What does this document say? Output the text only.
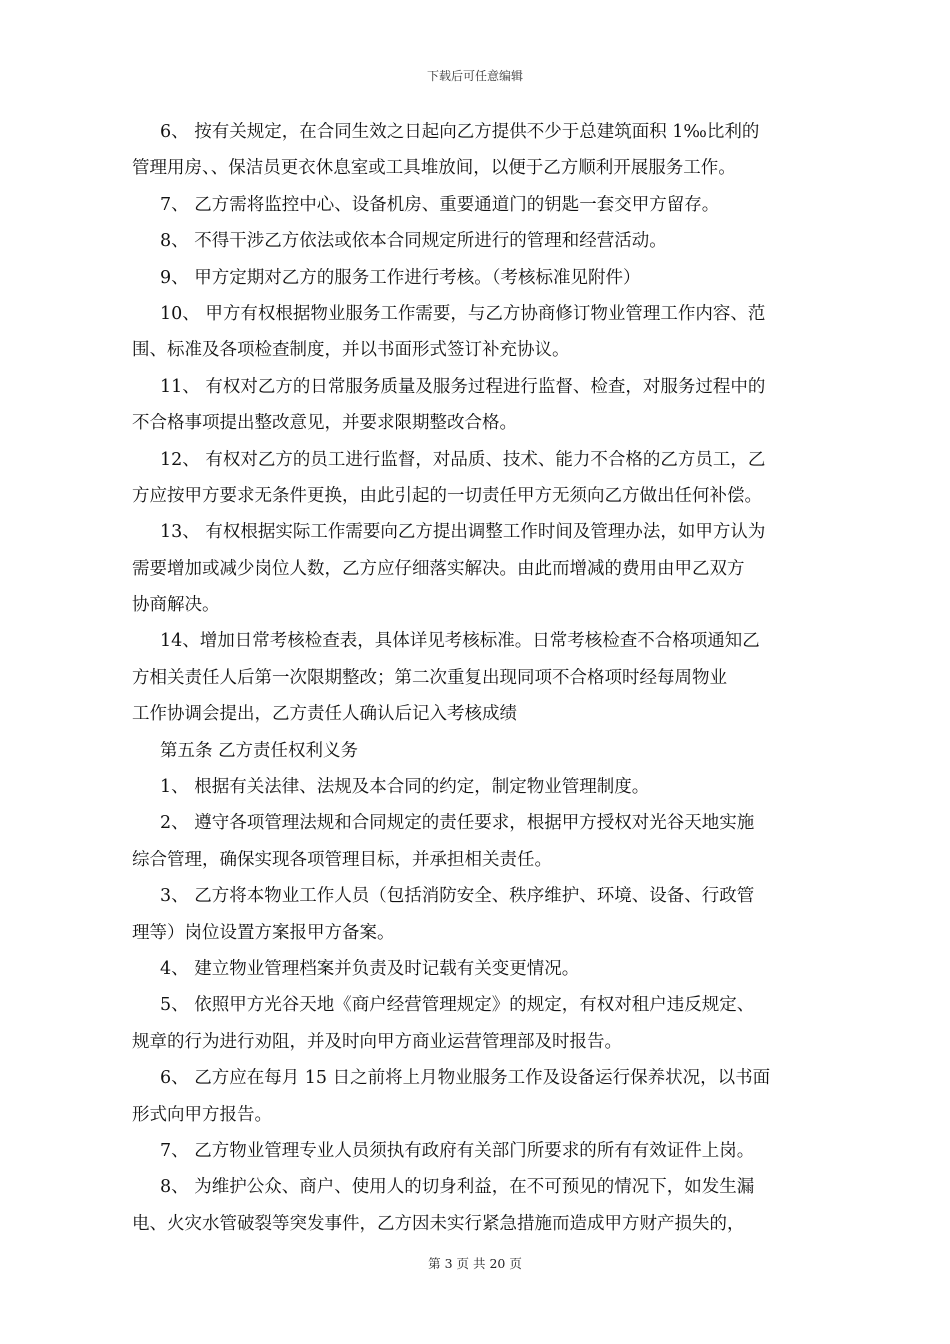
下载后可任意编辑
6、 按有关规定，在合同生效之日起向乙方提供不少于总建筑面积 1‰比利的
管理用房、、保洁员更衣休息室或工具堆放间，以便于乙方顺利开展服务工作。
7、 乙方需将监控中心、设备机房、重要通道门的钥匙一套交甲方留存。
8、 不得干涉乙方依法或依本合同规定所进行的管理和经营活动。
9、 甲方定期对乙方的服务工作进行考核。（考核标准见附件）
10、 甲方有权根据物业服务工作需要，与乙方协商修订物业管理工作内容、范
围、标准及各项检查制度，并以书面形式签订补充协议。
11、 有权对乙方的日常服务质量及服务过程进行监督、检查，对服务过程中的
不合格事项提出整改意见，并要求限期整改合格。
12、 有权对乙方的员工进行监督，对品质、技术、能力不合格的乙方员工，乙
方应按甲方要求无条件更换，由此引起的一切责任甲方无须向乙方做出任何补偿。
13、 有权根据实际工作需要向乙方提出调整工作时间及管理办法，如甲方认为
需要增加或减少岗位人数，乙方应仔细落实解决。由此而增减的费用由甲乙双方
协商解决。
14、增加日常考核检查表，具体详见考核标准。日常考核检查不合格项通知乙
方相关责任人后第一次限期整改；第二次重复出现同项不合格项时经每周物业
工作协调会提出，乙方责任人确认后记入考核成绩
第五条 乙方责任权利义务
1、 根据有关法律、法规及本合同的约定，制定物业管理制度。
2、 遵守各项管理法规和合同规定的责任要求，根据甲方授权对光谷天地实施
综合管理，确保实现各项管理目标，并承担相关责任。
3、 乙方将本物业工作人员（包括消防安全、秩序维护、环境、设备、行政管
理等）岗位设置方案报甲方备案。
4、 建立物业管理档案并负责及时记载有关变更情况。
5、 依照甲方光谷天地《商户经营管理规定》的规定，有权对租户违反规定、
规章的行为进行劝阻，并及时向甲方商业运营管理部及时报告。
6、 乙方应在每月 15 日之前将上月物业服务工作及设备运行保养状况，以书面
形式向甲方报告。
7、 乙方物业管理专业人员须执有政府有关部门所要求的所有有效证件上岗。
8、 为维护公众、商户、使用人的切身利益，在不可预见的情况下，如发生漏
电、火灾水管破裂等突发事件，乙方因未实行紧急措施而造成甲方财产损失的，
第 3 页 共 20 页
